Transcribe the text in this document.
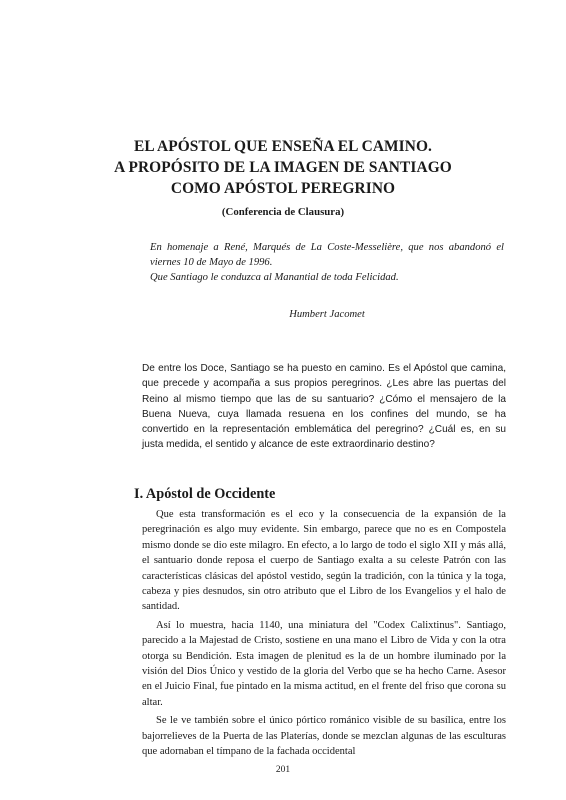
EL APÓSTOL QUE ENSEÑA EL CAMINO.
A PROPÓSITO DE LA IMAGEN DE SANTIAGO
COMO APÓSTOL PEREGRINO
(Conferencia de Clausura)

En homenaje a René, Marqués de La Coste-Messelière, que nos abandonó el viernes 10 de Mayo de 1996.

Que Santiago le conduzca al Manantial de toda Felicidad.

Humbert Jacomet

De entre los Doce, Santiago se ha puesto en camino. Es el Apóstol que camina, que precede y acompaña a sus propios peregrinos. ¿Les abre las puertas del Reino al mismo tiempo que las de su santuario? ¿Cómo el mensajero de la Buena Nueva, cuya llamada resuena en los confines del mundo, se ha convertido en la representación emblemática del peregrino? ¿Cuál es, en su justa medida, el sentido y alcance de este extraordinario destino?

I. Apóstol de Occidente

Que esta transformación es el eco y la consecuencia de la expansión de la peregrinación es algo muy evidente. Sin embargo, parece que no es en Compostela mismo donde se dio este milagro. En efecto, a lo largo de todo el siglo XII y más allá, el santuario donde reposa el cuerpo de Santiago exalta a su celeste Patrón con las características clásicas del apóstol vestido, según la tradición, con la túnica y la toga, cabeza y pies desnudos, sin otro atributo que el Libro de los Evangelios y el halo de santidad.

Así lo muestra, hacia 1140, una miniatura del "Codex Calixtinus". Santiago, parecido a la Majestad de Cristo, sostiene en una mano el Libro de Vida y con la otra otorga su Bendición. Esta imagen de plenitud es la de un hombre iluminado por la visión del Dios Único y vestido de la gloria del Verbo que se ha hecho Carne. Asesor en el Juicio Final, fue pintado en la misma actitud, en el frente del friso que corona su altar.

Se le ve también sobre el único pórtico románico visible de su basílica, entre los bajorrelieves de la Puerta de las Platerías, donde se mezclan algunas de las esculturas que adornaban el tímpano de la fachada occidental

201
